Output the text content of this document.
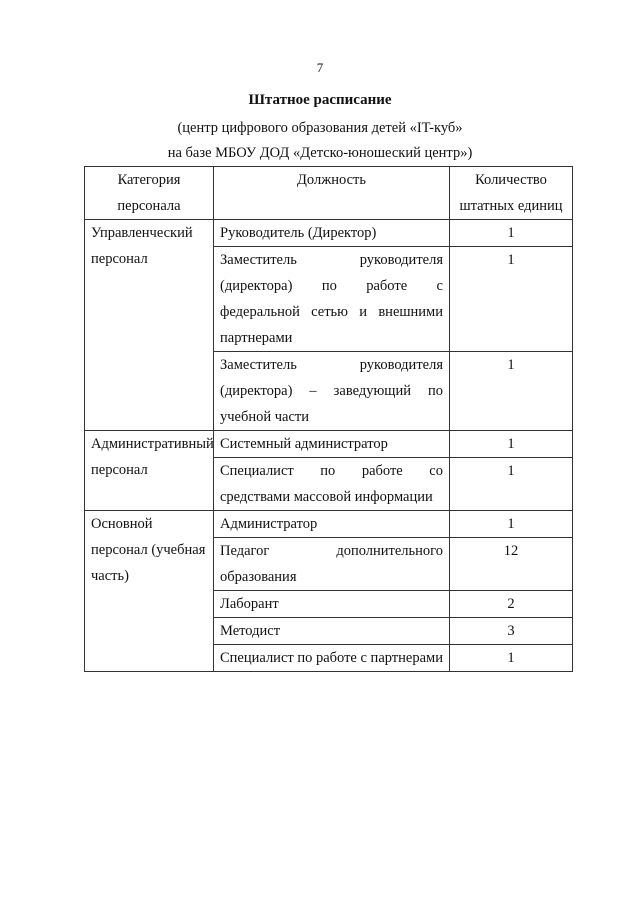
7
Штатное расписание
(центр цифрового образования детей «IT-куб»
на базе МБОУ ДОД «Детско-юношеский центр»)
Категория персонала	Должность	Количество штатных единиц
Управленческий персонал	Руководитель (Директор)	1
	Заместитель руководителя (директора) по работе с федеральной сетью и внешними партнерами	1
	Заместитель руководителя (директора) – заведующий по учебной части	1
Административный персонал	Системный администратор	1
	Специалист по работе со средствами массовой информации	1
Основной персонал (учебная часть)	Администратор	1
	Педагог дополнительного образования	12
	Лаборант	2
	Методист	3
	Специалист по работе с партнерами	1
